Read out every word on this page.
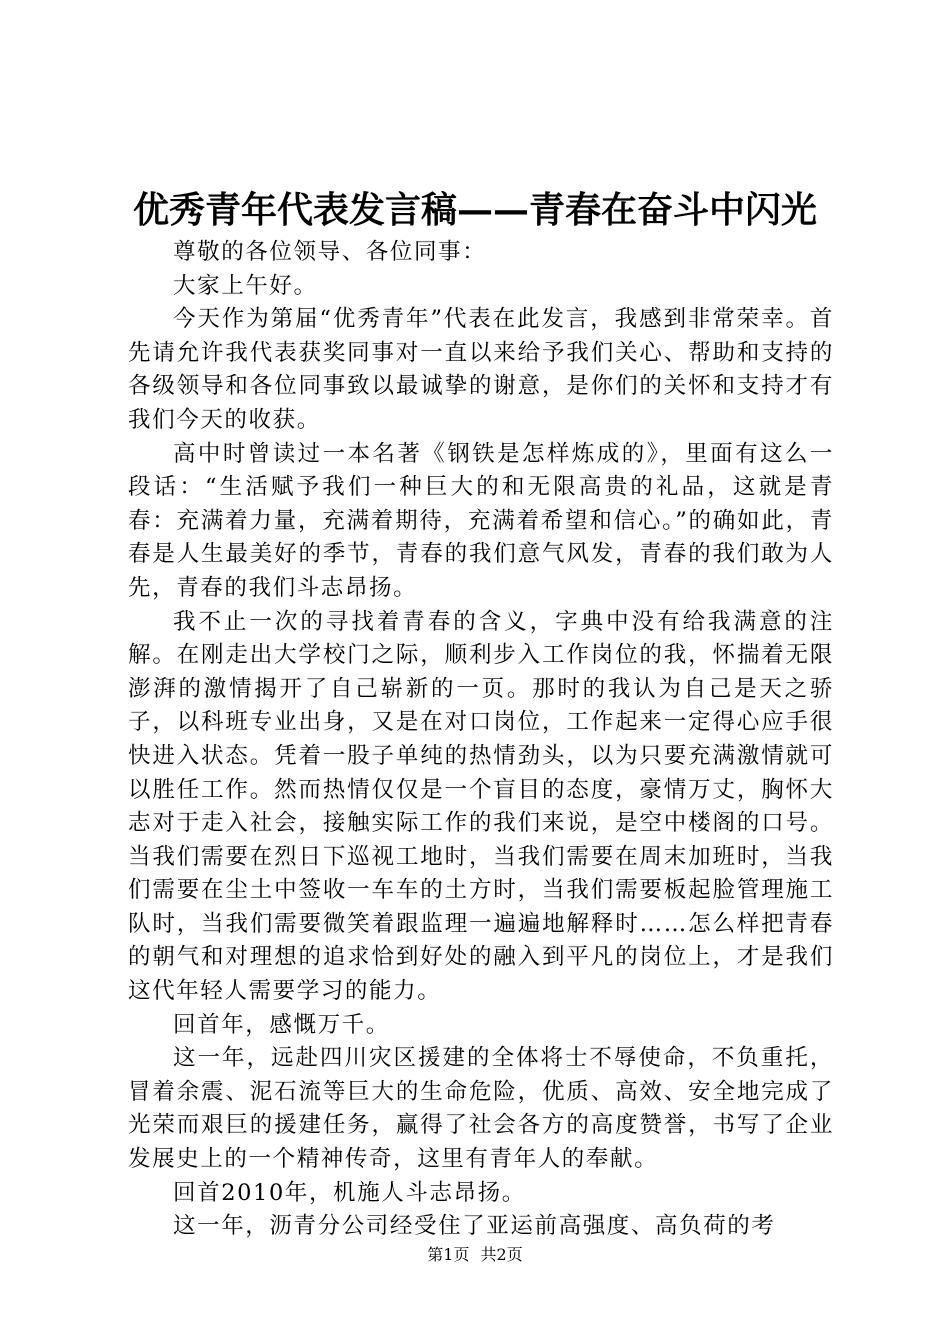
优秀青年代表发言稿——青春在奋斗中闪光

尊敬的各位领导、各位同事：

大家上午好。

今天作为第届“优秀青年”代表在此发言，我感到非常荣幸。首先请允许我代表获奖同事对一直以来给予我们关心、帮助和支持的各级领导和各位同事致以最诚挚的谢意，是你们的关怀和支持才有我们今天的收获。

高中时曾读过一本名著《钢铁是怎样炼成的》，里面有这么一段话：“生活赋予我们一种巨大的和无限高贵的礼品，这就是青春：充满着力量，充满着期待，充满着希望和信心。”的确如此，青春是人生最美好的季节，青春的我们意气风发，青春的我们敢为人先，青春的我们斗志昂扬。

我不止一次的寻找着青春的含义，字典中没有给我满意的注解。在刚走出大学校门之际，顺利步入工作岗位的我，怀揣着无限澎湃的激情揭开了自己崭新的一页。那时的我认为自己是天之骄子，以科班专业出身，又是在对口岗位，工作起来一定得心应手很快进入状态。凭着一股子单纯的热情劲头，以为只要充满激情就可以胜任工作。然而热情仅仅是一个盲目的态度，豪情万丈，胸怀大志对于走入社会，接触实际工作的我们来说，是空中楼阁的口号。当我们需要在烈日下巡视工地时，当我们需要在周末加班时，当我们需要在尘土中签收一车车的土方时，当我们需要板起脸管理施工队时，当我们需要微笑着跟监理一遍遍地解释时……怎么样把青春的朝气和对理想的追求恰到好处的融入到平凡的岗位上，才是我们这代年轻人需要学习的能力。

回首年，感慨万千。

这一年，远赴四川灾区援建的全体将士不辱使命，不负重托，冒着余震、泥石流等巨大的生命危险，优质、高效、安全地完成了光荣而艰巨的援建任务，赢得了社会各方的高度赞誉，书写了企业发展史上的一个精神传奇，这里有青年人的奉献。

回首2010年，机施人斗志昂扬。

这一年，沥青分公司经受住了亚运前高强度、高负荷的考

第1页 共2页
